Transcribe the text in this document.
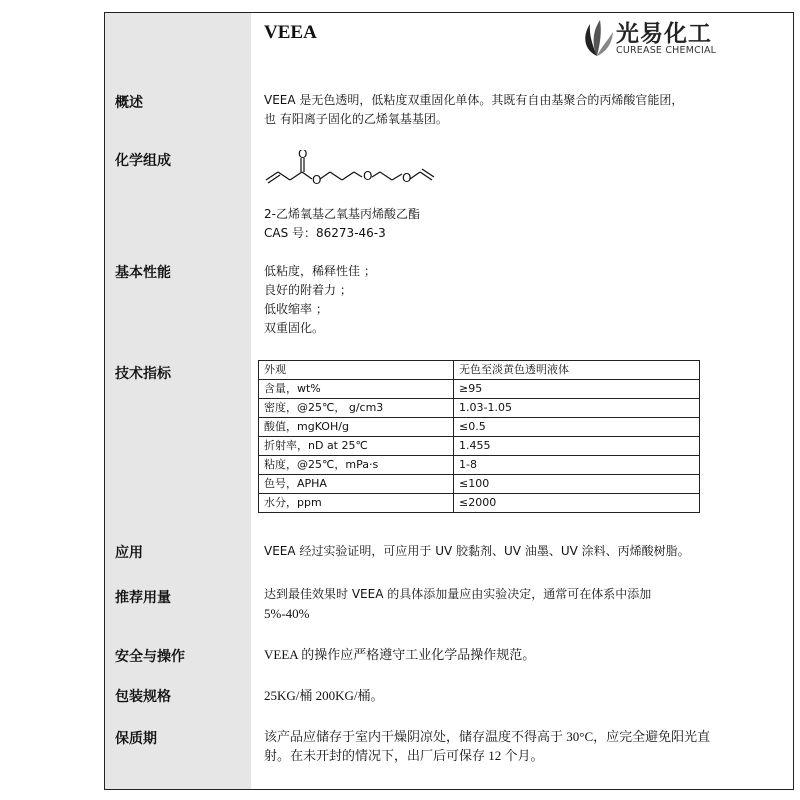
VEEA	光易化工
CUREASE CHEMCIAL
概述	VEEA 是无色透明，低粘度双重固化单体。其既有自由基聚合的丙烯酸官能团，
也 有阳离子固化的乙烯氧基基团。
化学组成	O
O	O O
2-乙烯氧基乙氧基丙烯酸乙酯
CAS 号：86273-46-3
基本性能	低粘度，稀释性佳 ；
良好的附着力 ；
低收缩率 ；
双重固化。
技术指标	外观	无色至淡黄色透明液体
含量，wt%	≥95
密度，@25℃， g/cm3	1.03-1.05
酸值，mgKOH/g	≤0.5
折射率，nD at 25℃	1.455
粘度，@25℃，mPa·s	1-8
色号，APHA	≤100
水分，ppm	≤2000
应用	VEEA 经过实验证明，可应用于 UV 胶黏剂、UV 油墨、UV 涂料、丙烯酸树脂。
推荐用量	达到最佳效果时 VEEA 的具体添加量应由实验决定，通常可在体系中添加
5%-40%
安全与操作	VEEA 的操作应严格遵守工业化学品操作规范。
包装规格	25KG/桶 200KG/桶。
保质期	该产品应储存于室内干燥阴凉处，储存温度不得高于 30°C，应完全避免阳光直
射。在未开封的情况下，出厂后可保存 12 个月。
